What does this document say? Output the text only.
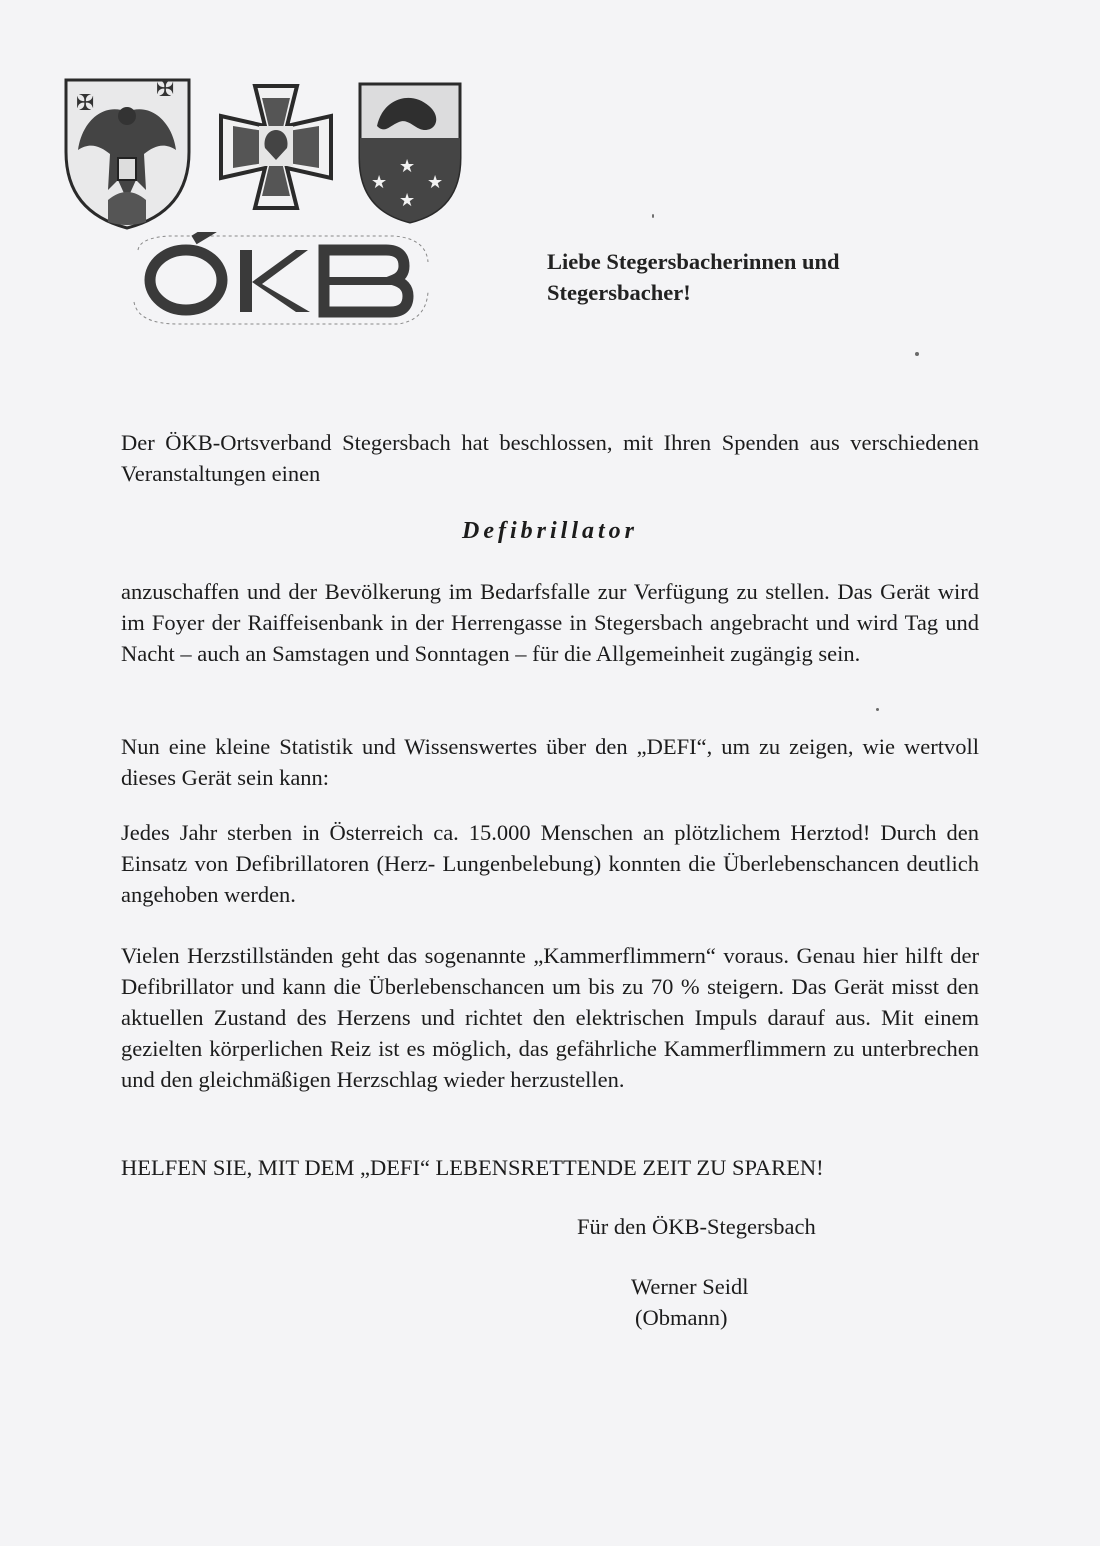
✠
✠
★
★
★
★
Liebe Stegersbacherinnen und
Stegersbacher!
Der ÖKB-Ortsverband Stegersbach hat beschlossen, mit Ihren Spenden aus verschiedenen Veranstaltungen einen
Defibrillator
anzuschaffen und der Bevölkerung im Bedarfsfalle zur Verfügung zu stellen. Das Gerät wird im Foyer der Raiffeisenbank in der Herrengasse in Stegersbach angebracht und wird Tag und Nacht – auch an Samstagen und Sonntagen – für die Allgemeinheit zugängig sein.
Nun eine kleine Statistik und Wissenswertes über den „DEFI“, um zu zeigen, wie wertvoll dieses Gerät sein kann:
Jedes Jahr sterben in Österreich ca. 15.000 Menschen an plötzlichem Herztod! Durch den Einsatz von Defibrillatoren (Herz- Lungenbelebung) konnten die Überlebenschancen deutlich angehoben werden.
Vielen Herzstillständen geht das sogenannte „Kammerflimmern“ voraus. Genau hier hilft der Defibrillator und kann die Überlebenschancen um bis zu 70 % steigern. Das Gerät misst den aktuellen Zustand des Herzens und richtet den elektrischen Impuls darauf aus. Mit einem gezielten körperlichen Reiz ist es möglich, das gefährliche Kammerflimmern zu unterbrechen und den gleichmäßigen Herzschlag wieder herzustellen.
HELFEN SIE, MIT DEM „DEFI“ LEBENSRETTENDE ZEIT ZU SPAREN!
Für den ÖKB-Stegersbach
Werner Seidl
(Obmann)
